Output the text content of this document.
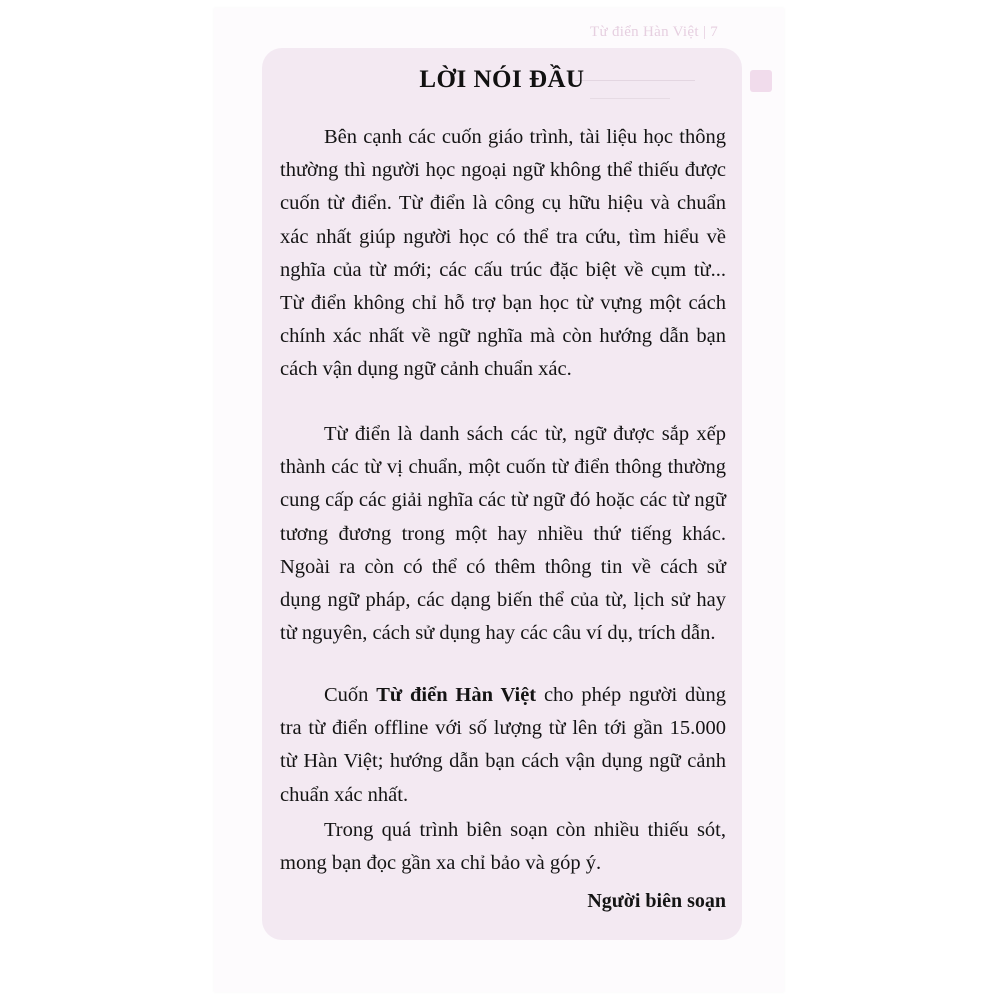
Từ điển Hàn Việt | 7
LỜI NÓI ĐẦU

Bên cạnh các cuốn giáo trình, tài liệu học thông thường thì người học ngoại ngữ không thể thiếu được cuốn từ điển. Từ điển là công cụ hữu hiệu và chuẩn xác nhất giúp người học có thể tra cứu, tìm hiểu về nghĩa của từ mới; các cấu trúc đặc biệt về cụm từ... Từ điển không chỉ hỗ trợ bạn học từ vựng một cách chính xác nhất về ngữ nghĩa mà còn hướng dẫn bạn cách vận dụng ngữ cảnh chuẩn xác.

Từ điển là danh sách các từ, ngữ được sắp xếp thành các từ vị chuẩn, một cuốn từ điển thông thường cung cấp các giải nghĩa các từ ngữ đó hoặc các từ ngữ tương đương trong một hay nhiều thứ tiếng khác. Ngoài ra còn có thể có thêm thông tin về cách sử dụng ngữ pháp, các dạng biến thể của từ, lịch sử hay từ nguyên, cách sử dụng hay các câu ví dụ, trích dẫn.

Cuốn Từ điển Hàn Việt cho phép người dùng tra từ điển offline với số lượng từ lên tới gần 15.000 từ Hàn Việt; hướng dẫn bạn cách vận dụng ngữ cảnh chuẩn xác nhất.

Trong quá trình biên soạn còn nhiều thiếu sót, mong bạn đọc gần xa chỉ bảo và góp ý.

Người biên soạn
